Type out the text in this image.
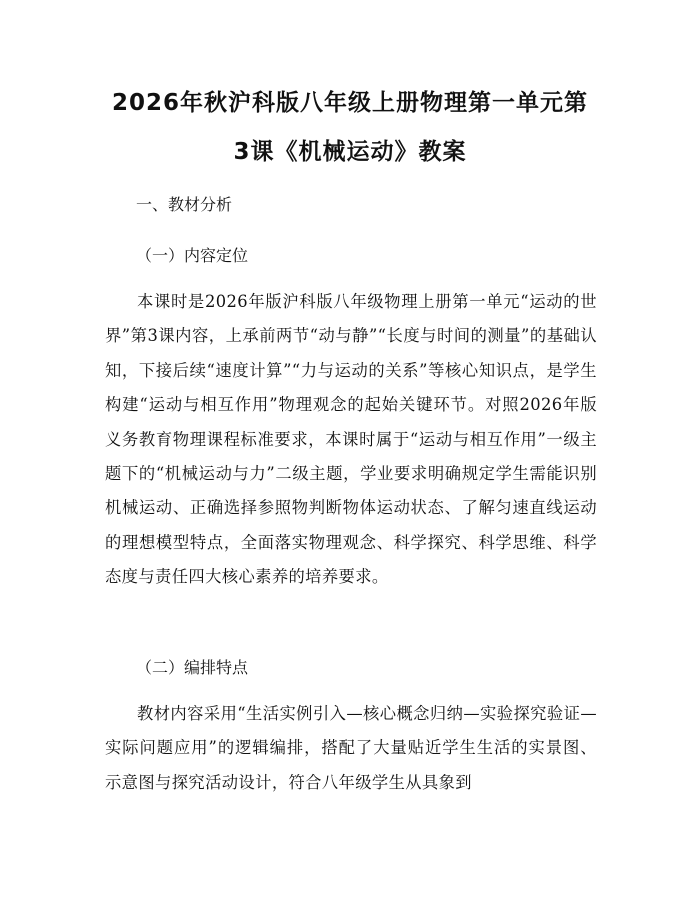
2026年秋沪科版八年级上册物理第一单元第
3课《机械运动》教案
一、教材分析
（一）内容定位
本课时是2026年版沪科版八年级物理上册第一单元“运动的世界”第3课内容，上承前两节“动与静”“长度与时间的测量”的基础认知，下接后续“速度计算”“力与运动的关系”等核心知识点，是学生构建“运动与相互作用”物理观念的起始关键环节。对照2026年版义务教育物理课程标准要求，本课时属于“运动与相互作用”一级主题下的“机械运动与力”二级主题，学业要求明确规定学生需能识别机械运动、正确选择参照物判断物体运动状态、了解匀速直线运动的理想模型特点，全面落实物理观念、科学探究、科学思维、科学态度与责任四大核心素养的培养要求。
（二）编排特点
教材内容采用“生活实例引入—核心概念归纳—实验探究验证—实际问题应用”的逻辑编排，搭配了大量贴近学生生活的实景图、示意图与探究活动设计，符合八年级学生从具象到
